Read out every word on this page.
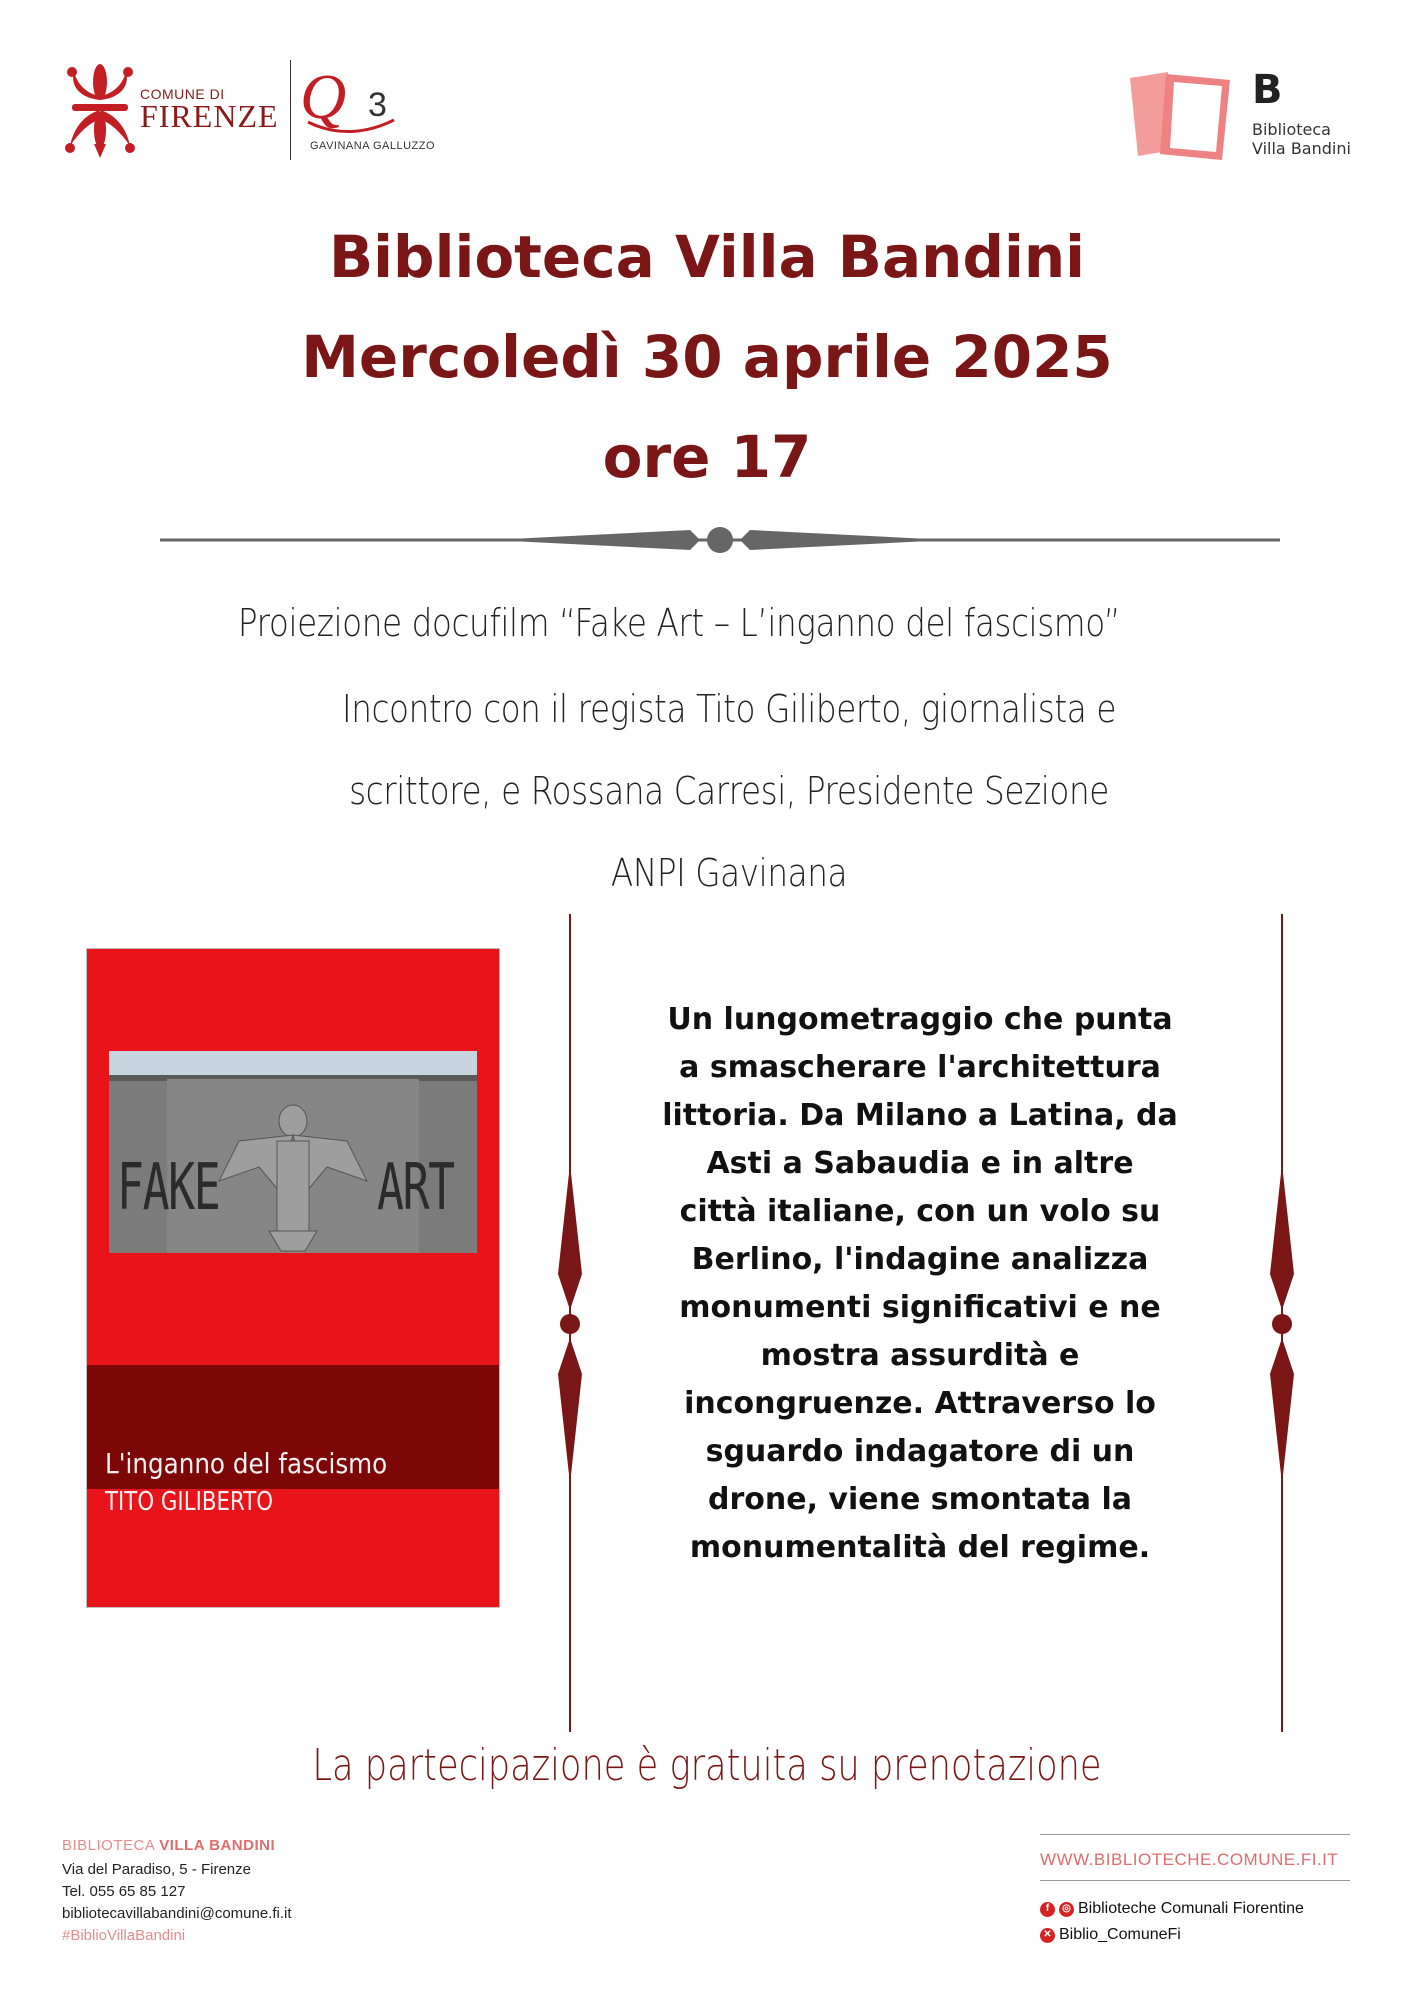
COMUNE DI
FIRENZE Q 3
GAVINANA GALLUZZO
B
Biblioteca
Villa Bandini
Biblioteca Villa Bandini
Mercoledì 30 aprile 2025
ore 17
Proiezione docufilm “Fake Art – L’inganno del fascismo”
Incontro con il regista Tito Giliberto, giornalista e
scrittore, e Rossana Carresi, Presidente Sezione
ANPI Gavinana
FAKE ART
L'inganno del fascismo
TITO GILIBERTO
Un lungometraggio che punta
a smascherare l'architettura
littoria. Da Milano a Latina, da
Asti a Sabaudia e in altre
città italiane, con un volo su
Berlino, l'indagine analizza
monumenti significativi e ne
mostra assurdità e
incongruenze. Attraverso lo
sguardo indagatore di un
drone, viene smontata la
monumentalità del regime.
La partecipazione è gratuita su prenotazione
BIBLIOTECA VILLA BANDINI
Via del Paradiso, 5 - Firenze
Tel. 055 65 85 127
bibliotecavillabandini@comune.fi.it
#BiblioVillaBandini
WWW.BIBLIOTECHE.COMUNE.FI.IT
f	◎ Biblioteche Comunali Fiorentine
✕ Biblio_ComuneFi
